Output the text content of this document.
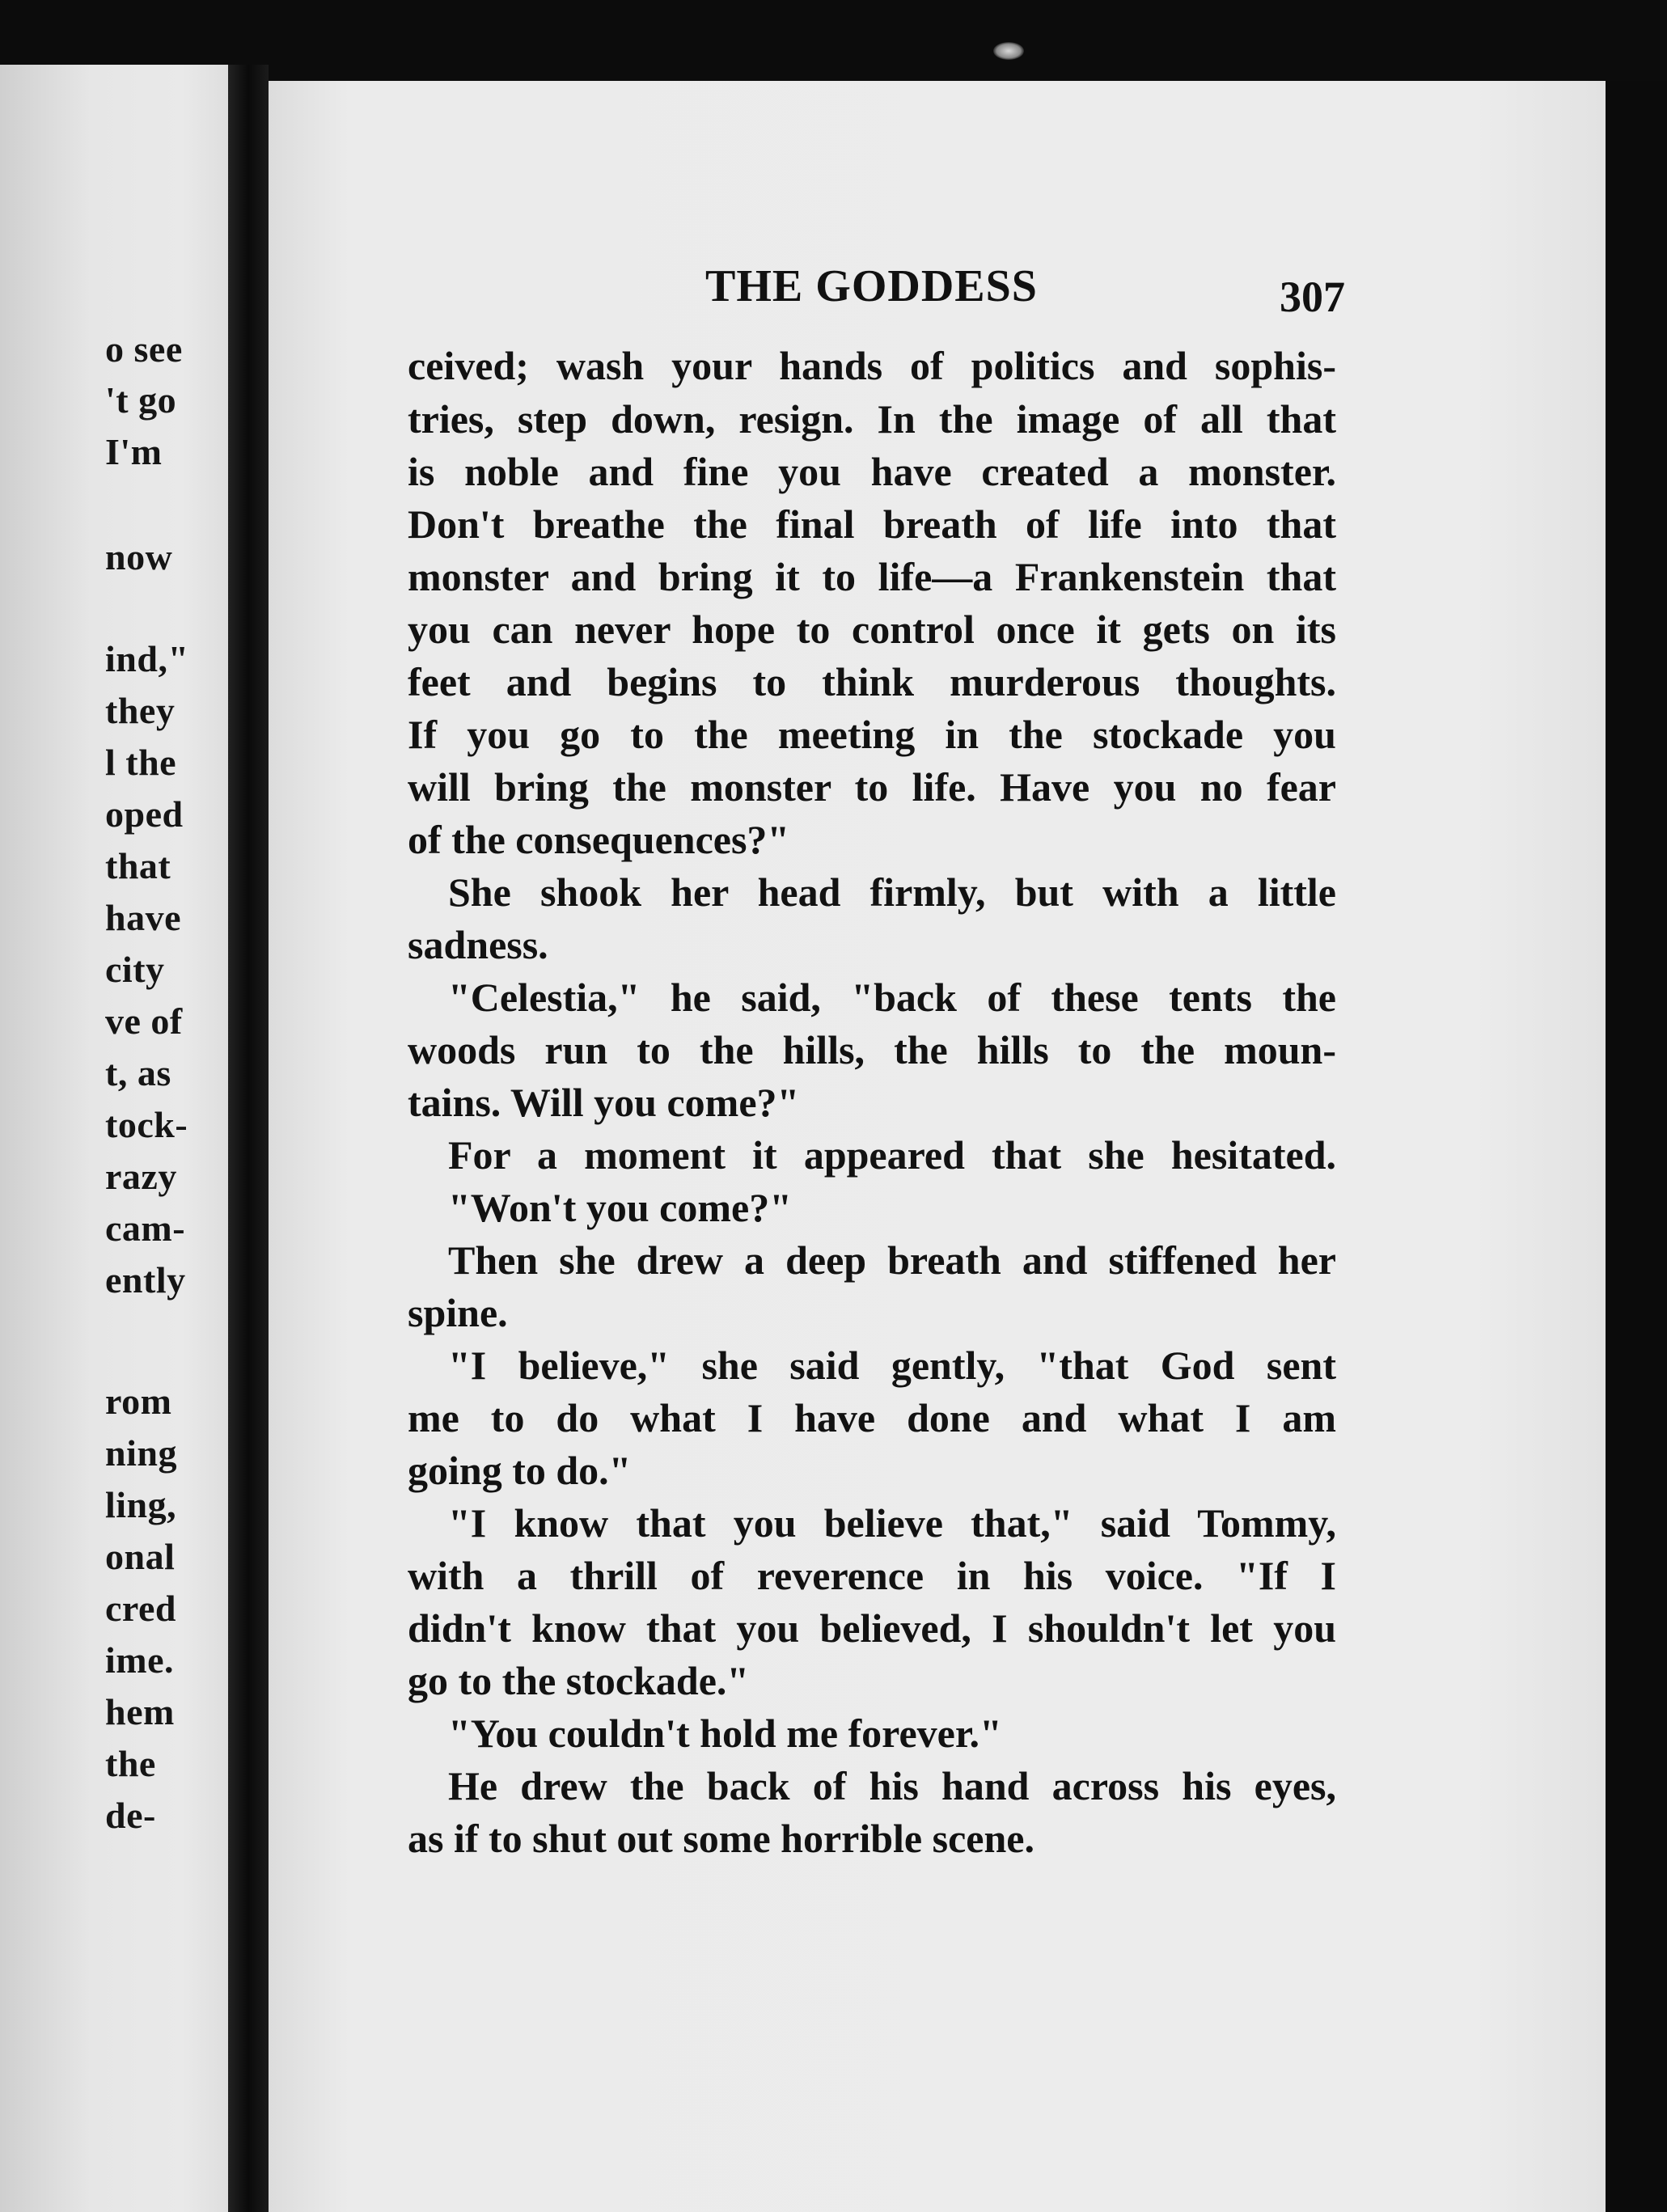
o see
't go
I'm
now
ind,"
they
l the
oped
that
have
city
ve of
t, as
tock-
razy
cam-
ently
rom
ning
ling,
onal
cred
ime.
hem
the
de-
THE GODDESS	307
ceived; wash your hands of politics and sophis-
tries, step down, resign. In the image of all that
is noble and fine you have created a monster.
Don't breathe the final breath of life into that
monster and bring it to life—a Frankenstein that
you can never hope to control once it gets on its
feet and begins to think murderous thoughts.
If you go to the meeting in the stockade you
will bring the monster to life. Have you no fear
of the consequences?"
She shook her head firmly, but with a little
sadness.
"Celestia," he said, "back of these tents the
woods run to the hills, the hills to the moun-
tains. Will you come?"
For a moment it appeared that she hesitated.
"Won't you come?"
Then she drew a deep breath and stiffened her
spine.
"I believe," she said gently, "that God sent
me to do what I have done and what I am
going to do."
"I know that you believe that," said Tommy,
with a thrill of reverence in his voice. "If I
didn't know that you believed, I shouldn't let you
go to the stockade."
"You couldn't hold me forever."
He drew the back of his hand across his eyes,
as if to shut out some horrible scene.
